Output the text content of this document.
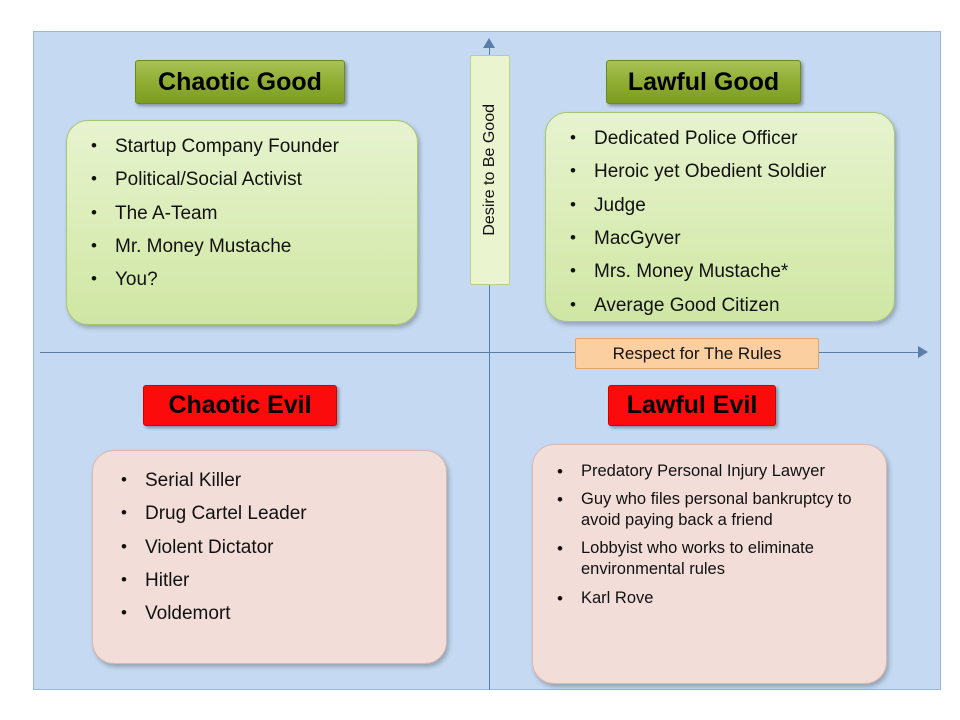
Desire to Be Good
Respect for The Rules
Chaotic Good
• Startup Company Founder
• Political/Social Activist
• The A-Team
• Mr. Money Mustache
• You?
Lawful Good
• Dedicated Police Officer
• Heroic yet Obedient Soldier
• Judge
• MacGyver
• Mrs. Money Mustache*
• Average Good Citizen
Chaotic Evil
• Serial Killer
• Drug Cartel Leader
• Violent Dictator
• Hitler
• Voldemort
Lawful Evil
• Predatory Personal Injury Lawyer
• Guy who files personal bankruptcy to avoid paying back a friend
• Lobbyist who works to eliminate environmental rules
• Karl Rove
